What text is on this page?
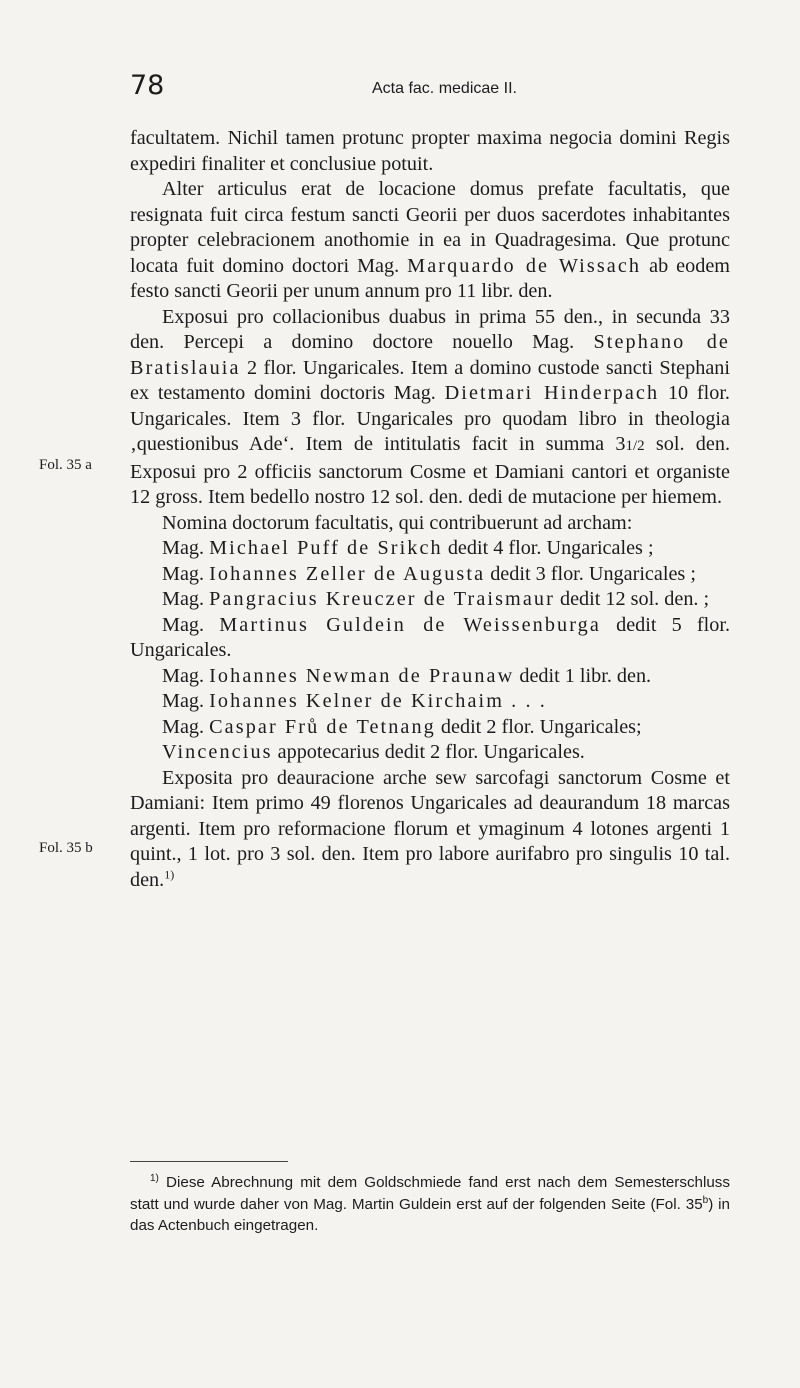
78	Acta fac. medicae II.
Fol. 35 a
Fol. 35 b

facultatem. Nichil tamen protunc propter maxima negocia domini Regis expediri finaliter et conclusiue potuit.

Alter articulus erat de locacione domus prefate facultatis, que resignata fuit circa festum sancti Georii per duos sacerdotes inhabitantes propter celebracionem anothomie in ea in Quadragesima. Que protunc locata fuit domino doctori Mag. Marquardo de Wissach ab eodem festo sancti Georii per unum annum pro 11 libr. den.

Exposui pro collacionibus duabus in prima 55 den., in secunda 33 den. Percepi a domino doctore nouello Mag. Stephano de Bratislauia 2 flor. Ungaricales. Item a domino custode sancti Stephani ex testamento domini doctoris Mag. Dietmari Hinderpach 10 flor. Ungaricales. Item 3 flor. Ungaricales pro quodam libro in theologia ‚questionibus Ade‘. Item de intitulatis facit in summa 31/2 sol. den. Exposui pro 2 officiis sanctorum Cosme et Damiani cantori et organiste 12 gross. Item bedello nostro 12 sol. den. dedi de mutacione per hiemem.

Nomina doctorum facultatis, qui contribuerunt ad archam:

Mag. Michael Puff de Srikch dedit 4 flor. Ungaricales ;

Mag. Iohannes Zeller de Augusta dedit 3 flor. Ungaricales ;

Mag. Pangracius Kreuczer de Traismaur dedit 12 sol. den. ;

Mag. Martinus Guldein de Weissenburga dedit 5 flor. Ungaricales.

Mag. Iohannes Newman de Praunaw dedit 1 libr. den.

Mag. Iohannes Kelner de Kirchaim . . .

Mag. Caspar Frů de Tetnang dedit 2 flor. Ungaricales;

Vincencius appotecarius dedit 2 flor. Ungaricales.

Exposita pro deauracione arche sew sarcofagi sanctorum Cosme et Damiani: Item primo 49 florenos Ungaricales ad deaurandum 18 marcas argenti. Item pro reformacione florum et ymaginum 4 lotones argenti 1 quint., 1 lot. pro 3 sol. den. Item pro labore aurifabro pro singulis 10 tal. den.$^{1)}$

$^{1)}$ Diese Abrechnung mit dem Goldschmiede fand erst nach dem Semesterschluss statt und wurde daher von Mag. Martin Guldein erst auf der folgenden Seite (Fol. 35$^b$) in das Actenbuch eingetragen.
